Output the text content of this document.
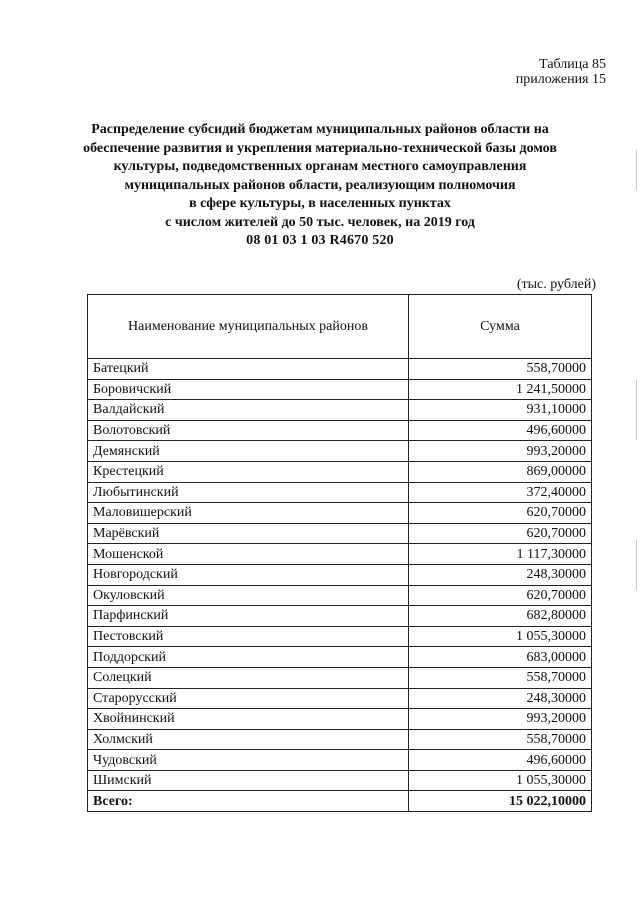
Таблица 85
приложения 15
Распределение субсидий бюджетам муниципальных районов области на
обеспечение развития и укрепления материально-технической базы домов
культуры, подведомственных органам местного самоуправления
муниципальных районов области, реализующим полномочия
в сфере культуры, в населенных пунктах
с числом жителей до 50 тыс. человек, на 2019 год
08 01 03 1 03 R4670 520
(тыс. рублей)
Наименование муниципальных районов	Сумма
Батецкий	558,70000
Боровичский	1 241,50000
Валдайский	931,10000
Волотовский	496,60000
Демянский	993,20000
Крестецкий	869,00000
Любытинский	372,40000
Маловишерский	620,70000
Марёвский	620,70000
Мошенской	1 117,30000
Новгородский	248,30000
Окуловский	620,70000
Парфинский	682,80000
Пестовский	1 055,30000
Поддорский	683,00000
Солецкий	558,70000
Старорусский	248,30000
Хвойнинский	993,20000
Холмский	558,70000
Чудовский	496,60000
Шимский	1 055,30000
Всего:	15 022,10000
